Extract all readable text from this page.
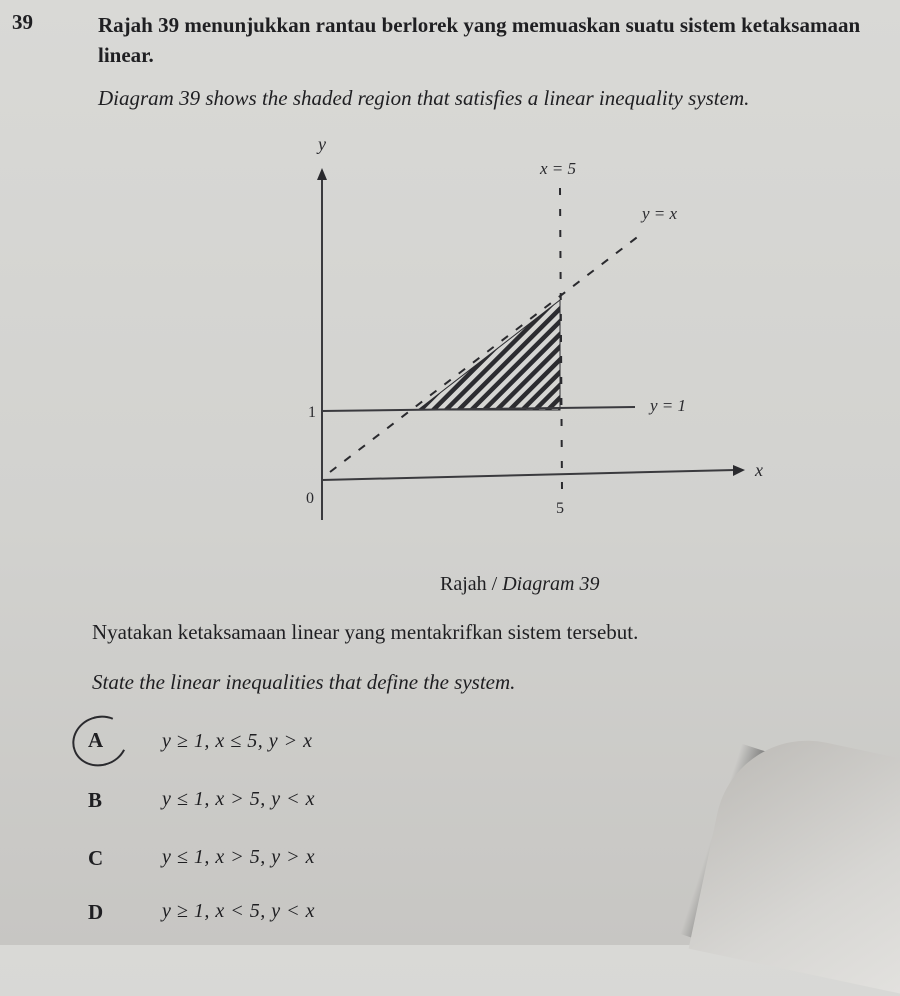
39	Rajah 39 menunjukkan rantau berlorek yang memuaskan suatu sistem ketaksamaan linear.
Diagram 39 shows the shaded region that satisfies a linear inequality system.
y
x
0
1
5
x = 5
y = x
y = 1
Rajah / Diagram 39
Nyatakan ketaksamaan linear yang mentakrifkan sistem tersebut.
State the linear inequalities that define the system.
A	y ≥ 1, x ≤ 5, y > x
B	y ≤ 1, x > 5, y < x
C	y ≤ 1, x > 5, y > x
D	y ≥ 1, x < 5, y < x
